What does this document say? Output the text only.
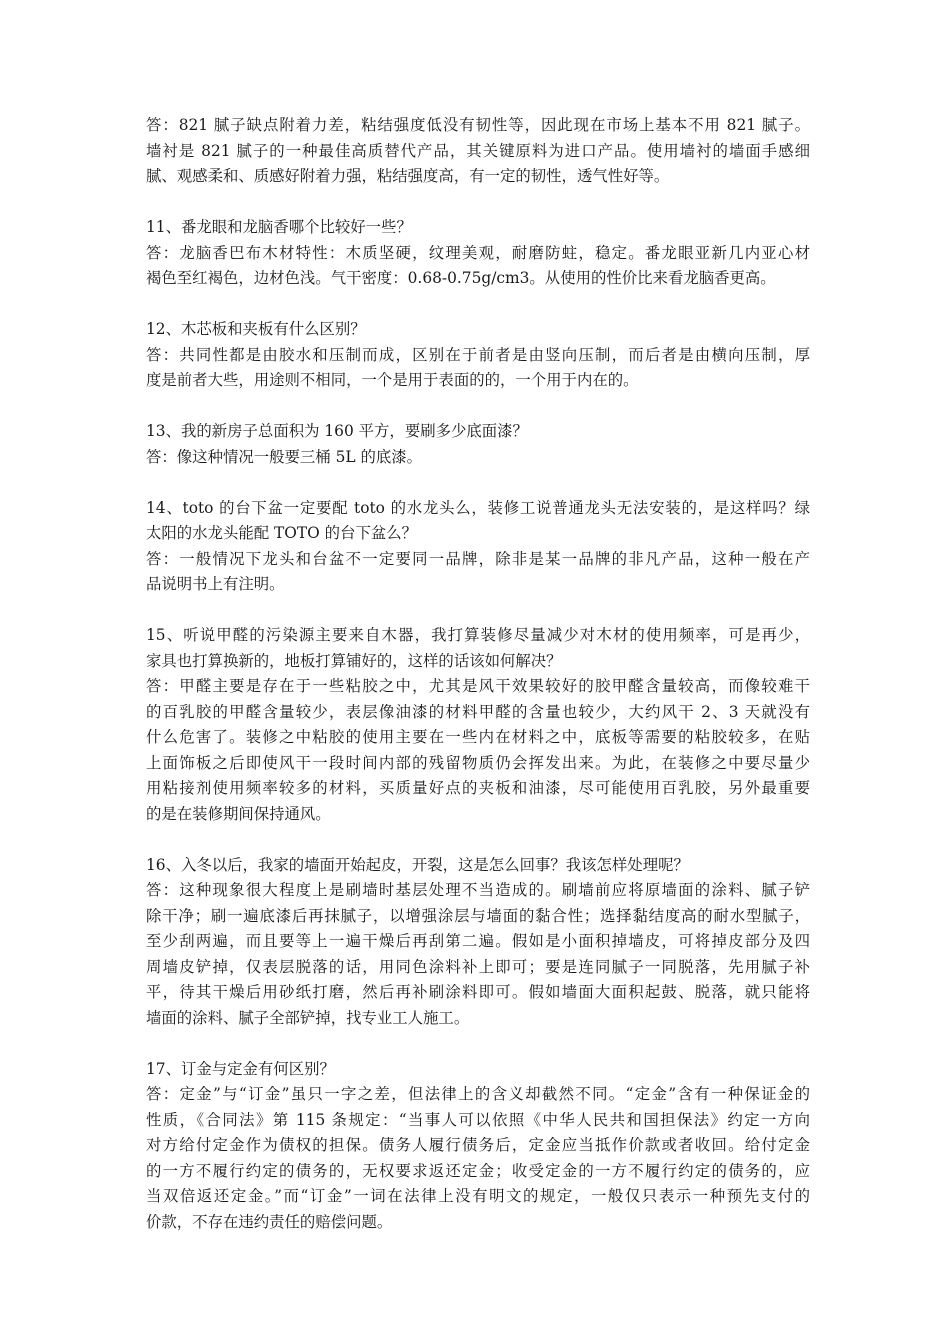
答：821 腻子缺点附着力差，粘结强度低没有韧性等，因此现在市场上基本不用 821 腻子。
墙衬是 821 腻子的一种最佳高质替代产品，其关键原料为进口产品。使用墙衬的墙面手感细
腻、观感柔和、质感好附着力强，粘结强度高，有一定的韧性，透气性好等。
11、番龙眼和龙脑香哪个比较好一些？
答：龙脑香巴布木材特性：木质坚硬，纹理美观，耐磨防蛀，稳定。番龙眼亚新几内亚心材
褐色至红褐色，边材色浅。气干密度：0.68-0.75g/cm3。从使用的性价比来看龙脑香更高。
12、木芯板和夹板有什么区别？
答：共同性都是由胶水和压制而成，区别在于前者是由竖向压制，而后者是由横向压制，厚
度是前者大些，用途则不相同，一个是用于表面的的，一个用于内在的。
13、我的新房子总面积为 160 平方，要刷多少底面漆？
答：像这种情况一般要三桶 5L 的底漆。
14、toto 的台下盆一定要配 toto 的水龙头么，装修工说普通龙头无法安装的，是这样吗？绿
太阳的水龙头能配 TOTO 的台下盆么？
答：一般情况下龙头和台盆不一定要同一品牌，除非是某一品牌的非凡产品，这种一般在产
品说明书上有注明。
15、听说甲醛的污染源主要来自木器，我打算装修尽量减少对木材的使用频率，可是再少，
家具也打算换新的，地板打算铺好的，这样的话该如何解决？
答：甲醛主要是存在于一些粘胶之中，尤其是风干效果较好的胶甲醛含量较高，而像较难干
的百乳胶的甲醛含量较少，表层像油漆的材料甲醛的含量也较少，大约风干 2、3 天就没有
什么危害了。装修之中粘胶的使用主要在一些内在材料之中，底板等需要的粘胶较多，在贴
上面饰板之后即使风干一段时间内部的残留物质仍会挥发出来。为此，在装修之中要尽量少
用粘接剂使用频率较多的材料，买质量好点的夹板和油漆，尽可能使用百乳胶，另外最重要
的是在装修期间保持通风。
16、入冬以后，我家的墙面开始起皮，开裂，这是怎么回事？我该怎样处理呢？
答：这种现象很大程度上是刷墙时基层处理不当造成的。刷墙前应将原墙面的涂料、腻子铲
除干净；刷一遍底漆后再抹腻子，以增强涂层与墙面的黏合性；选择黏结度高的耐水型腻子，
至少刮两遍，而且要等上一遍干燥后再刮第二遍。假如是小面积掉墙皮，可将掉皮部分及四
周墙皮铲掉，仅表层脱落的话，用同色涂料补上即可；要是连同腻子一同脱落，先用腻子补
平，待其干燥后用砂纸打磨，然后再补刷涂料即可。假如墙面大面积起鼓、脱落，就只能将
墙面的涂料、腻子全部铲掉，找专业工人施工。
17、订金与定金有何区别？
答：定金”与“订金”虽只一字之差，但法律上的含义却截然不同。“定金”含有一种保证金的
性质，《合同法》第 115 条规定：“当事人可以依照《中华人民共和国担保法》约定一方向
对方给付定金作为债权的担保。债务人履行债务后，定金应当抵作价款或者收回。给付定金
的一方不履行约定的债务的，无权要求返还定金；收受定金的一方不履行约定的债务的，应
当双倍返还定金。”而“订金”一词在法律上没有明文的规定，一般仅只表示一种预先支付的
价款，不存在违约责任的赔偿问题。
